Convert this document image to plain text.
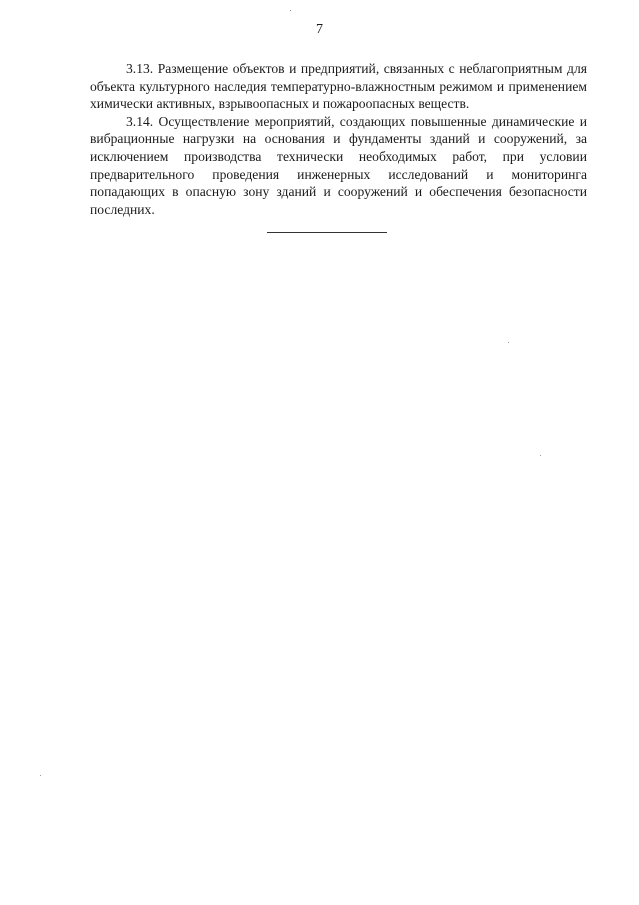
7

3.13. Размещение объектов и предприятий, связанных с неблагоприятным для объекта культурного наследия температурно-влажностным режимом и применением химически активных, взрывоопасных и пожароопасных веществ.

3.14. Осуществление мероприятий, создающих повышенные динамические и вибрационные нагрузки на основания и фундаменты зданий и сооружений, за исключением производства технически необходимых работ, при условии предварительного проведения инженерных исследований и мониторинга попадающих в опасную зону зданий и сооружений и обеспечения безопасности последних.
